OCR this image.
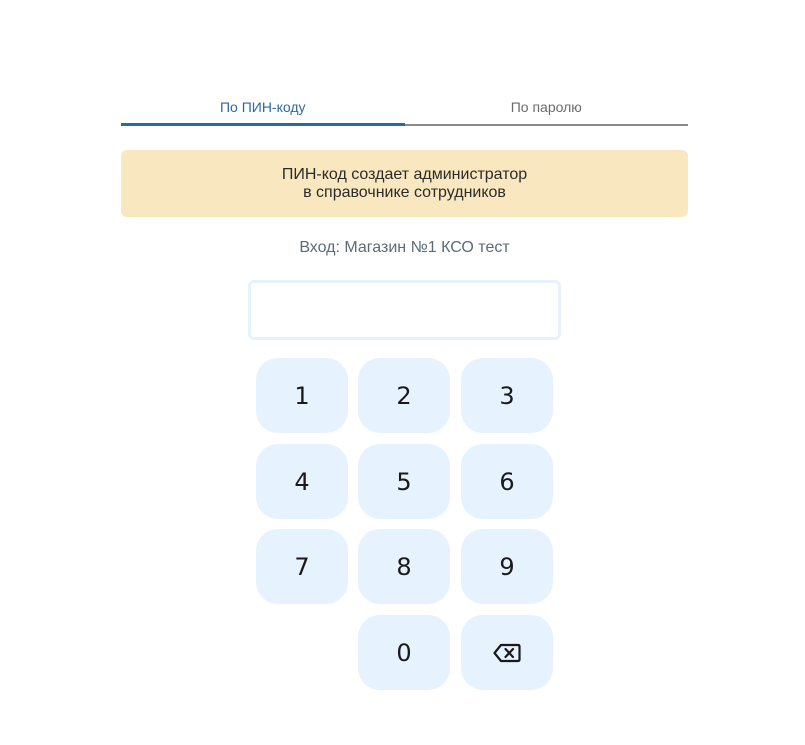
По ПИН-коду	По паролю
ПИН-код создает администратор
в справочнике сотрудников
Вход: Магазин №1 КСО тест
1	2	3
4	5	6
7	8	9
0
